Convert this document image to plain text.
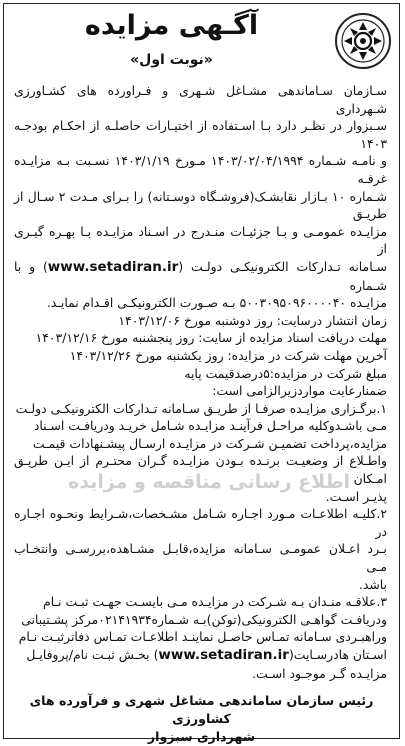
آگـهی مزایده
«نوبت اول»
سـازمان سـاماندهی مشـاغل شـهری و فـراورده های کشـاورزی شـهرداری
سـبزوار در نظـر دارد بـا اسـتفاده از اختیـارات حاصلـه از احکـام بودجـه ۱۴۰۳
و نامـه شـماره ۱۴۰۳/۰۲/۰۴/۱۹۹۴ مـورخ ۱۴۰۳/۱/۱۹ نسـبت بـه مزایـده غرفـه
شـماره ۱۰ بـازار نقابشـک(فروشـگاه دوسـتانه) را بـرای مـدت ۲ سـال از طریـق
مزایـده عمومـی و بـا جزئیـات منـدرج در اسـناد مزایـده بـا بهـره گیـری از
سـامانه تـدارکات الکترونیکـی دولـت (www.setadiran.ir) و با شـماره
مزایـده ۵۰۰۳۰۹۵۰۹۶۰۰۰۰۴۰ بـه صـورت الکترونیکـی اقـدام نمایـد.
زمان انتشار درسایت: روز دوشنبه مورخ ۱۴۰۳/۱۲/۰۶
مهلت دریافت اسناد مزایده از سایت: روز پنجشنبه مورخ ۱۴۰۳/۱۲/۱۶
آخرین مهلت شرکت در مزایده: روز یکشنبه مورخ ۱۴۰۳/۱۲/۲۶
مبلغ شرکت در مزایده:۵درصدقیمت پایه
ضمنارعایت مواردزیرالزامی است:
۱.برگـزاری مزایـده صرفـا از طریـق سـامانه تـدارکات الکترونیکـی دولـت
مـی باشـدوکلیه مراحـل فرآینـد مزایـده شـامل خریـد ودریافـت اسـناد
مزایده،پرداخت تضمیـن شـرکت در مزایـده ارسـال پیشـنهادات قیمـت
واطـلاع از وضعیـت برنـده بـودن مزایـده گـران محتـرم از ایـن طریـق امـکان
پذیـر اسـت.
۲.کلیـه اطلاعـات مـورد اجـاره شـامل مشـخصات،شـرایط ونحـوه اجـاره در
بـرد اعـلان عمومـی سـامانه مزایده،قابـل مشـاهده،بررسـی وانتخـاب مـی
باشد.
۳.علاقـه منـدان بـه شـرکت در مزایـده مـی بایسـت جهـت ثبـت نـام
ودریافـت گواهـی الکترونیکی(توکن)بـه شـماره۰۲۱۴۱۹۳۴مرکز پشـتیبانی
وراهبـردی سـامانه تمـاس حاصـل نماینـد اطلاعـات تمـاس دفاترثبـت نـام
اسـتان هادرسـایت(www.setadiran.ir) بخـش ثبـت نام/پروفایـل
مزایـده گـر موجـود اسـت.
اطلاع رسانی مناقصه و مزایده
رئیس سازمان ساماندهی مشاغل شهری و فرآورده های کشاورزی
شهرداری سبزوار
